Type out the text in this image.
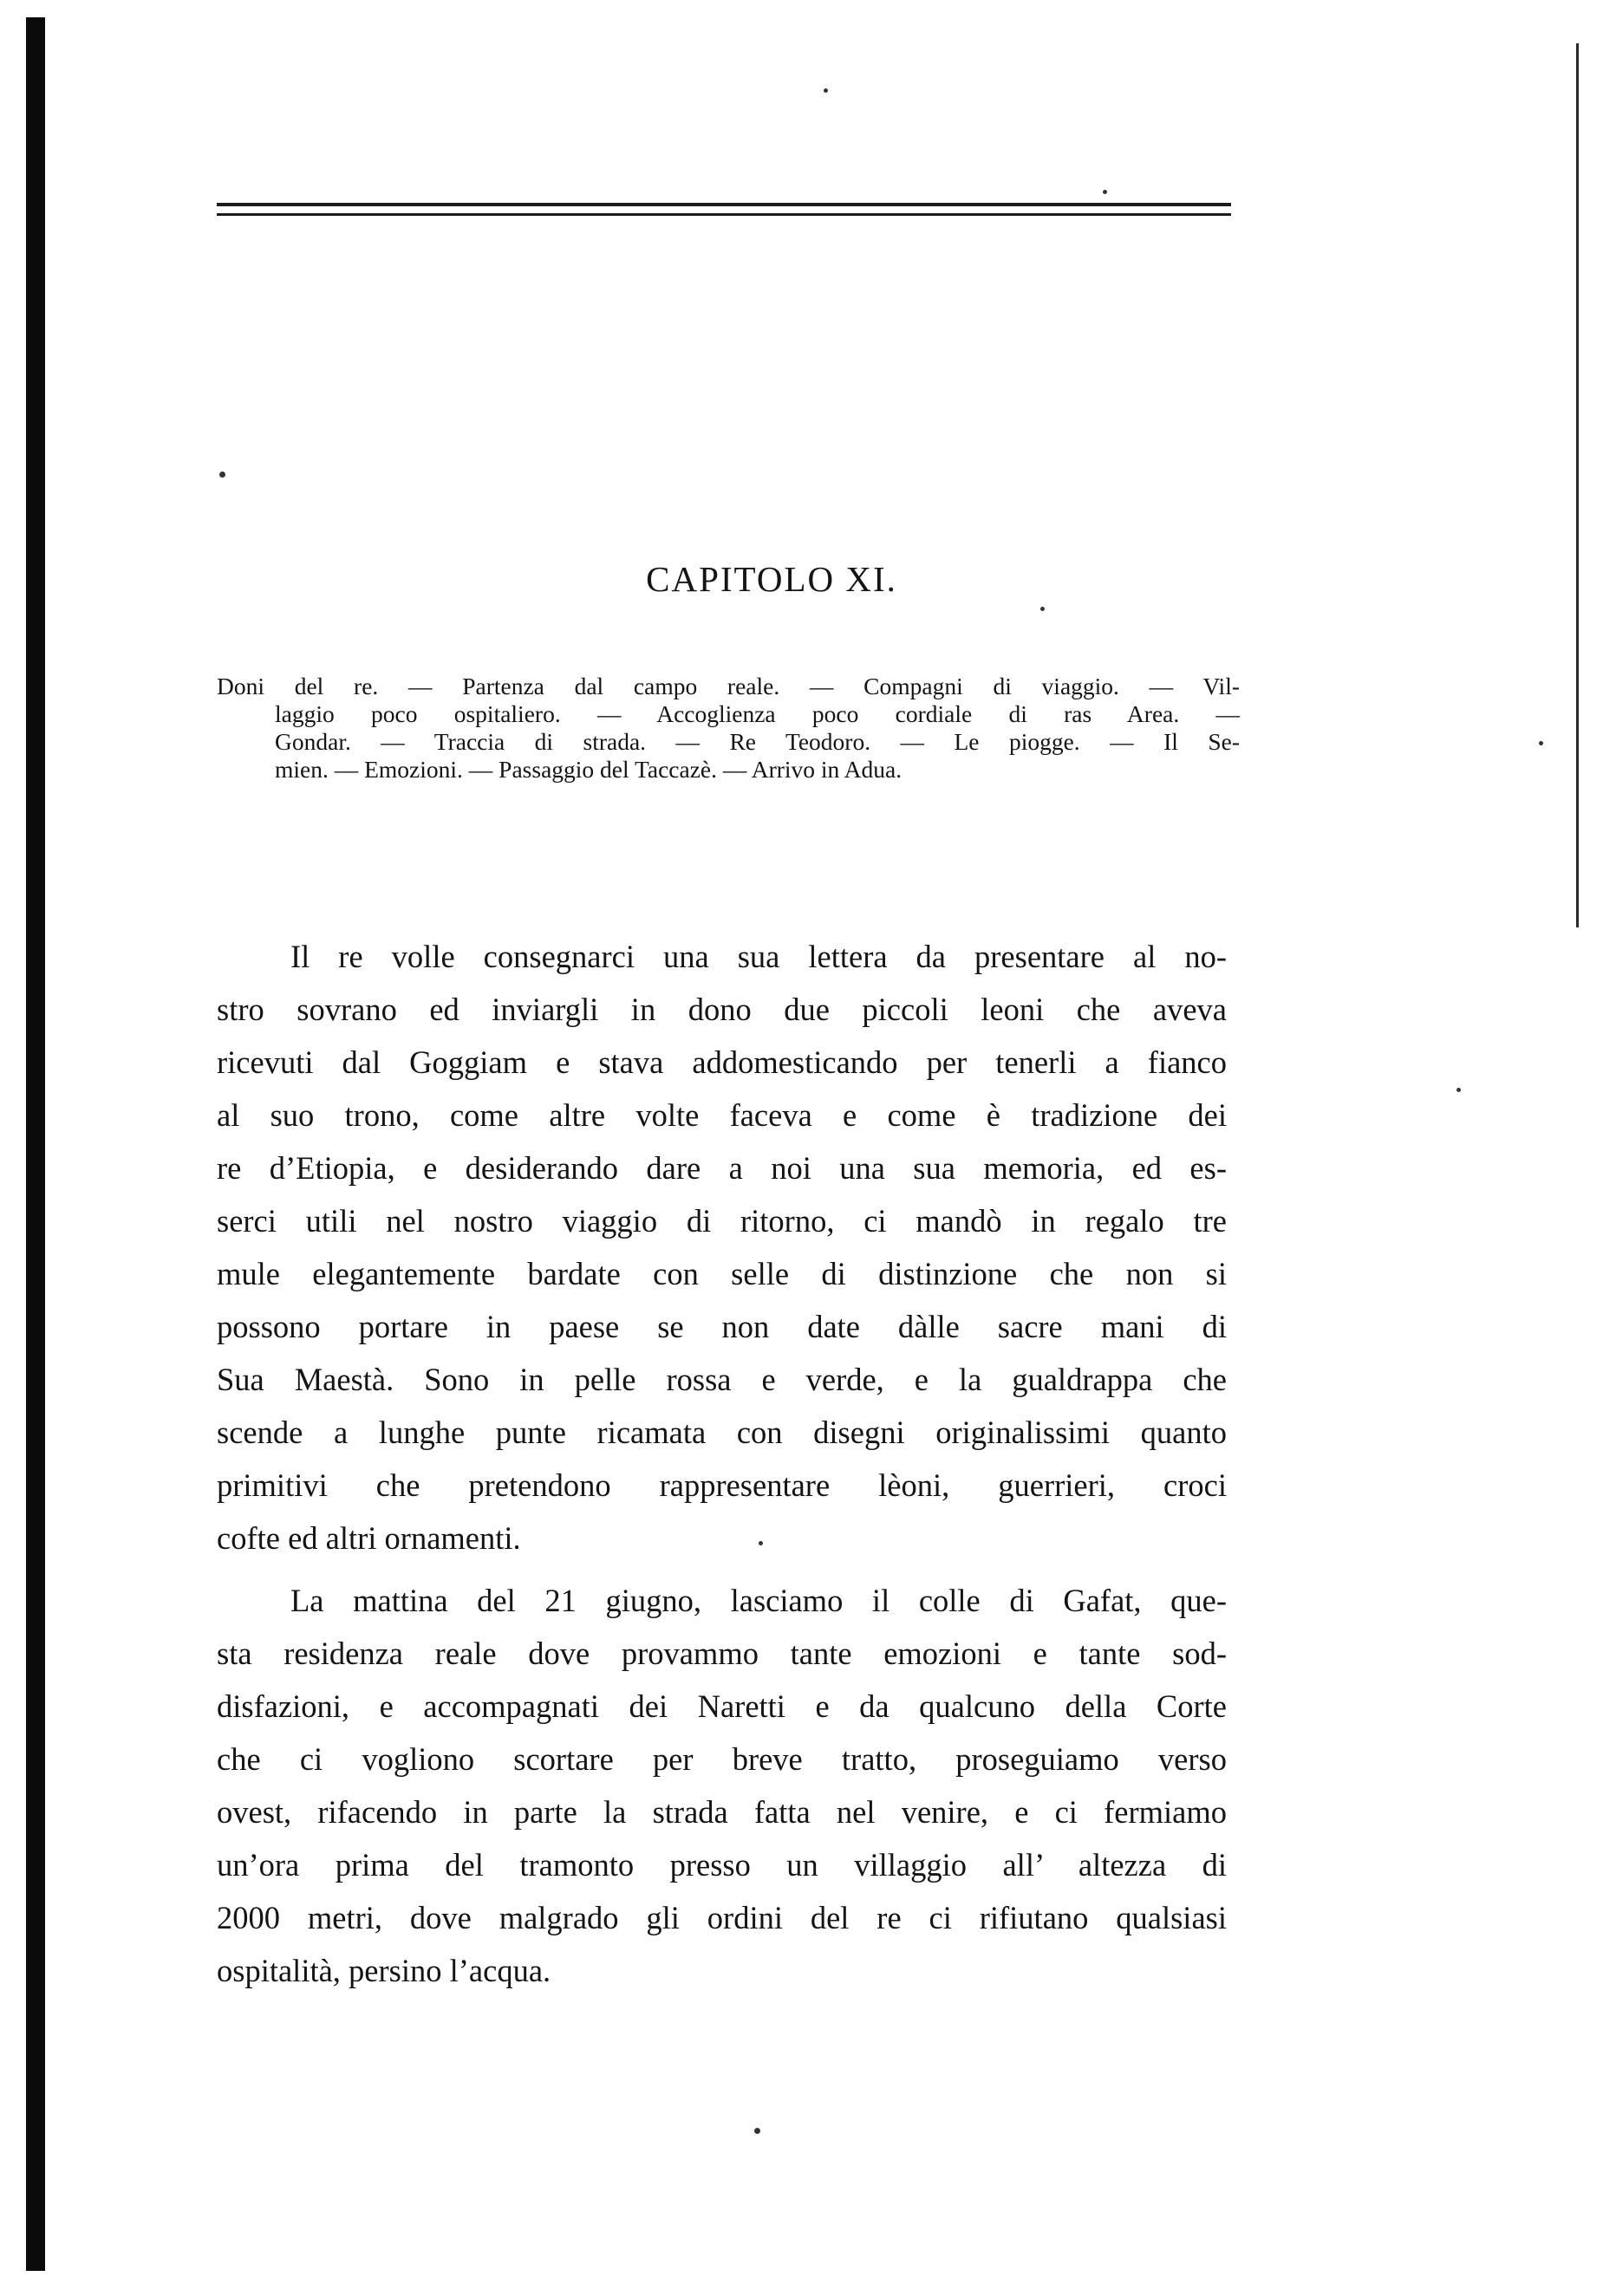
CAPITOLO XI.

Doni del re. — Partenza dal campo reale. — Compagni di viaggio. — Vil-
laggio poco ospitaliero. — Accoglienza poco cordiale di ras Area. —
Gondar. — Traccia di strada. — Re Teodoro. — Le piogge. — Il Se-
mien. — Emozioni. — Passaggio del Taccazè. — Arrivo in Adua.

Il re volle consegnarci una sua lettera da presentare al no-
stro sovrano ed inviargli in dono due piccoli leoni che aveva
ricevuti dal Goggiam e stava addomesticando per tenerli a fianco
al suo trono, come altre volte faceva e come è tradizione dei
re d’Etiopia, e desiderando dare a noi una sua memoria, ed es-
serci utili nel nostro viaggio di ritorno, ci mandò in regalo tre
mule elegantemente bardate con selle di distinzione che non si
possono portare in paese se non date dàlle sacre mani di
Sua Maestà. Sono in pelle rossa e verde, e la gualdrappa che
scende a lunghe punte ricamata con disegni originalissimi quanto
primitivi che pretendono rappresentare lèoni, guerrieri, croci
cofte ed altri ornamenti.

La mattina del 21 giugno, lasciamo il colle di Gafat, que-
sta residenza reale dove provammo tante emozioni e tante sod-
disfazioni, e accompagnati dei Naretti e da qualcuno della Corte
che ci vogliono scortare per breve tratto, proseguiamo verso
ovest, rifacendo in parte la strada fatta nel venire, e ci fermiamo
un’ora prima del tramonto presso un villaggio all’ altezza di
2000 metri, dove malgrado gli ordini del re ci rifiutano qualsiasi
ospitalità, persino l’acqua.
